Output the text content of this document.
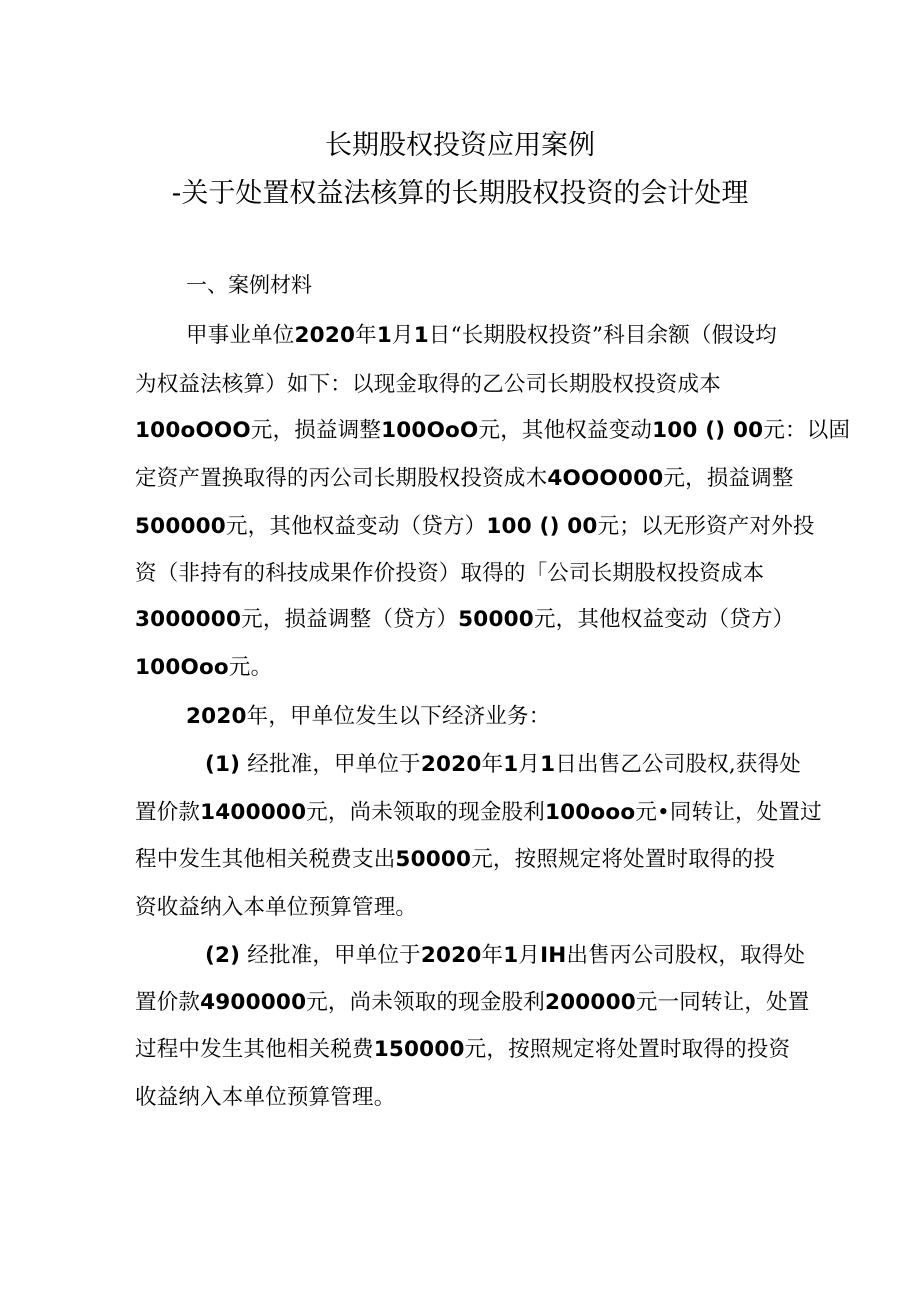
长期股权投资应用案例
-关于处置权益法核算的长期股权投资的会计处理
一、案例材料
甲事业单位2020年1月1日“长期股权投资”科目余额（假设均
为权益法核算）如下：以现金取得的乙公司长期股权投资成本
100oOOO元，损益调整100OoO元，其他权益变动100 () 00元：以固
定资产置换取得的丙公司长期股权投资成木4OOO000元，损益调整
500000元，其他权益变动（贷方）100 () 00元；以无形资产对外投
资（非持有的科技成果作价投资）取得的「公司长期股权投资成本
3000000元，损益调整（贷方）50000元，其他权益变动（贷方）
100Ooo元。
2020年，甲单位发生以下经济业务：
(1) 经批准，甲单位于2020年1月1日出售乙公司股权,获得处
置价款1400000元，尚未领取的现金股利100ooo元•同转让，处置过
程中发生其他相关税费支出50000元，按照规定将处置时取得的投
资收益纳入本单位预算管理。
(2) 经批准，甲单位于2020年1月IH出售丙公司股权，取得处
置价款4900000元，尚未领取的现金股利200000元一同转让，处置
过程中发生其他相关税费150000元，按照规定将处置时取得的投资
收益纳入本单位预算管理。
